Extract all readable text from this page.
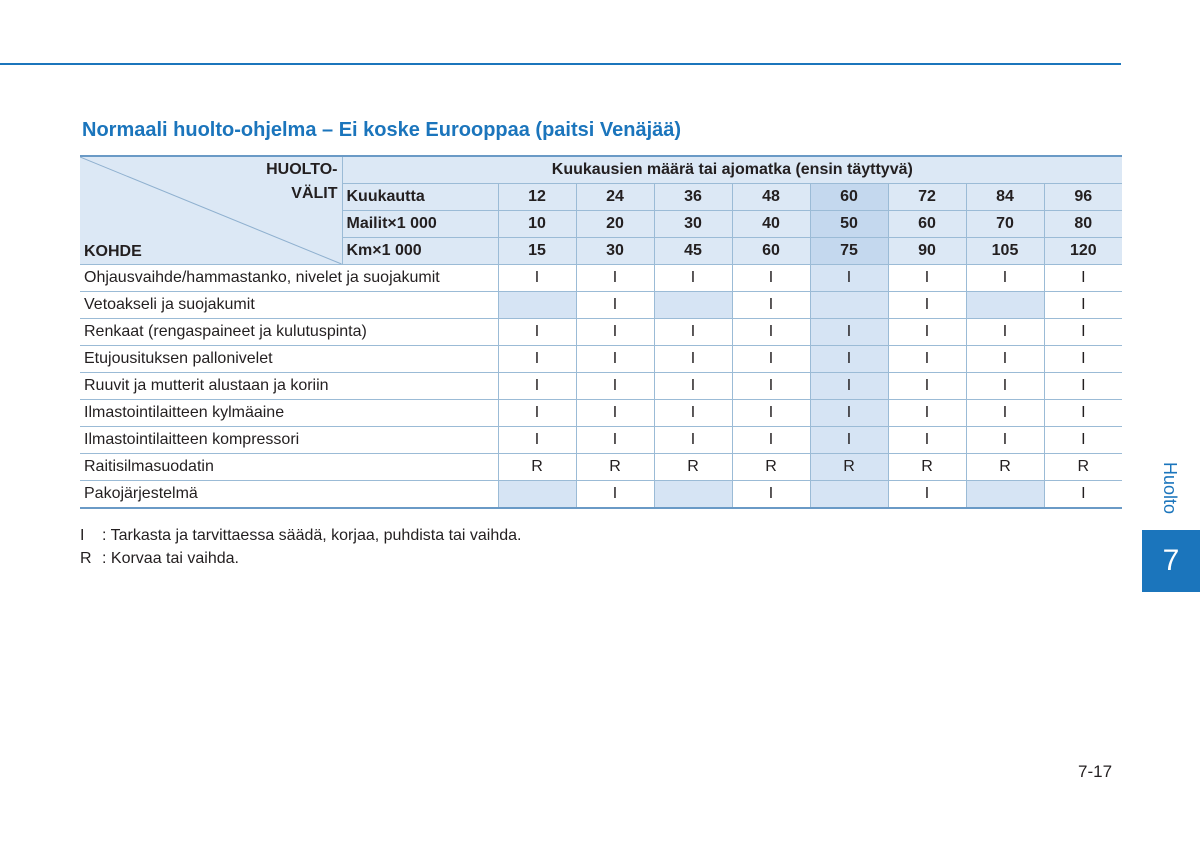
Normaali huolto-ohjelma – Ei koske Eurooppaa (paitsi Venäjää)
HUOLTO-
VÄLIT
KOHDE	Kuukausien määrä tai ajomatka (ensin täyttyvä)								
	Kuukautta	12	24	36	48	60	72	84	96
	Mailit×1 000	10	20	30	40	50	60	70	80
	Km×1 000	15	30	45	60	75	90	105	120
Ohjausvaihde/hammastanko, nivelet ja suojakumit		I	I	I	I	I	I	I	I
Vetoakseli ja suojakumit			I		I		I		I
Renkaat (rengaspaineet ja kulutuspinta)		I	I	I	I	I	I	I	I
Etujousituksen pallonivelet		I	I	I	I	I	I	I	I
Ruuvit ja mutterit alustaan ja koriin		I	I	I	I	I	I	I	I
Ilmastointilaitteen kylmäaine		I	I	I	I	I	I	I	I
Ilmastointilaitteen kompressori		I	I	I	I	I	I	I	I
Raitisilmasuodatin		R	R	R	R	R	R	R	R
Pakojärjestelmä			I		I		I		I
I : Tarkasta ja tarvittaessa säädä, korjaa, puhdista tai vaihda.
R : Korvaa tai vaihda.
Huolto
7
7-17
